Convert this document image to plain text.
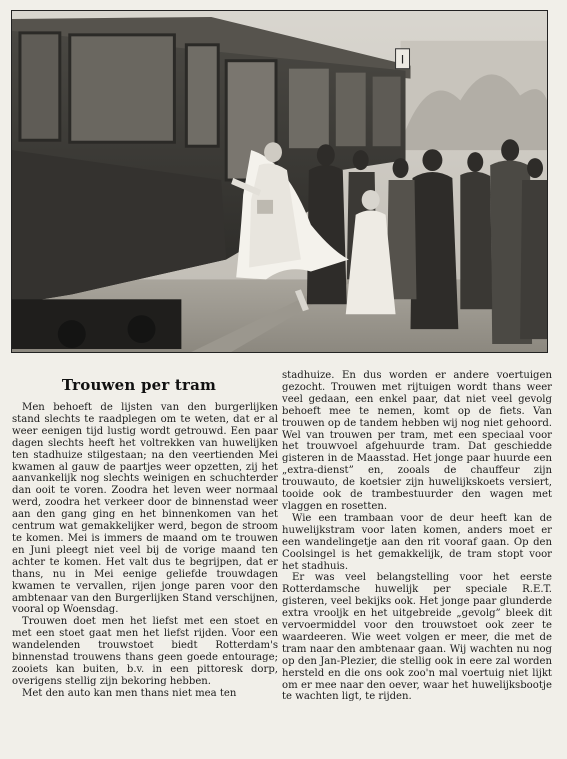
Ι
Trouwen per tram

Men behoeft de lijsten van den burgerlijken stand slechts te raadplegen om te weten, dat er al weer eenigen tijd lustig wordt getrouwd. Een paar dagen slechts heeft het voltrekken van huwelijken ten stadhuize stilgestaan; na den veertienden Mei kwamen al gauw de paartjes weer opzetten, zij het aanvankelijk nog slechts weinigen en schuchterder dan ooit te voren. Zoodra het leven weer normaal werd, zoodra het verkeer door de binnenstad weer aan den gang ging en het binnenkomen van het centrum wat gemakkelijker werd, begon de stroom te komen. Mei is immers de maand om te trouwen en Juni pleegt niet veel bij de vorige maand ten achter te komen. Het valt dus te begrijpen, dat er thans, nu in Mei eenige geliefde trouwdagen kwamen te vervallen, rijen jonge paren voor den ambtenaar van den Burgerlijken Stand verschijnen, vooral op Woensdag.

Trouwen doet men het liefst met een stoet en met een stoet gaat men het liefst rijden. Voor een wandelenden trouwstoet biedt Rotterdam's binnenstad trouwens thans geen goede entourage; zooiets kan buiten, b.v. in een pittoresk dorp, overigens stellig zijn bekoring hebben.

Met den auto kan men thans niet mea ten

stadhuize. En dus worden er andere voertuigen gezocht. Trouwen met rijtuigen wordt thans weer veel gedaan, een enkel paar, dat niet veel gevolg behoeft mee te nemen, komt op de fiets. Van trouwen op de tandem hebben wij nog niet gehoord. Wel van trouwen per tram, met een speciaal voor het trouwvoel afgehuurde tram. Dat geschiedde gisteren in de Maasstad. Het jonge paar huurde een „extra-dienst” en, zooals de chauffeur zijn trouwauto, de koetsier zijn huwelijkskoets versiert, tooide ook de trambestuurder den wagen met vlaggen en rosetten.

Wie een trambaan voor de deur heeft kan de huwelijkstram voor laten komen, anders moet er een wandelingetje aan den rit vooraf gaan. Op den Coolsingel is het gemakkelijk, de tram stopt voor het stadhuis.

Er was veel belangstelling voor het eerste Rotterdamsche huwelijk per speciale R.E.T. gisteren, veel bekijks ook. Het jonge paar glunderde extra vrooljk en het uitgebreide „gevolg” bleek dit vervoermiddel voor den trouwstoet ook zeer te waardeeren. Wie weet volgen er meer, die met de tram naar den ambtenaar gaan. Wij wachten nu nog op den Jan-Plezier, die stellig ook in eere zal worden hersteld en die ons ook zoo'n mal voertuig niet lijkt om er mee naar den oever, waar het huwelijksbootje te wachten ligt, te rijden.
